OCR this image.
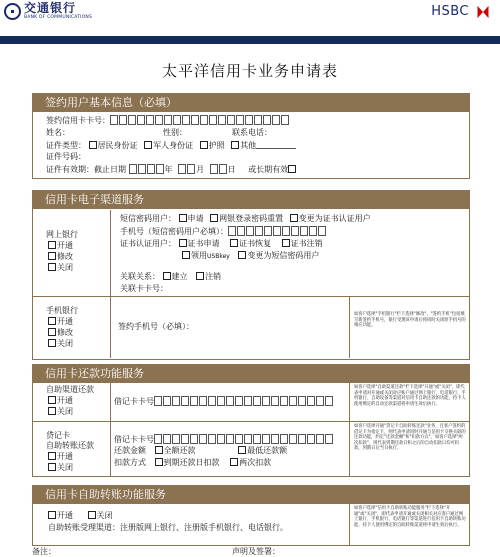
交通银行
BANK OF COMMUNICATIONS	HSBC
太平洋信用卡业务申请表
签约用户基本信息（必填）
签约信用卡卡号：
姓名：	性别：	联系电话：
证件类型： 居民身份证 军人身份证 护照 其他
证件号码：
证件有效期：截止日期	年	月	日 或长期有效
信用卡电子渠道服务
网上银行
开通
修改
关闭
短信密码用户： 申请 网银登录密码重置 变更为证书认证用户
手机号（短信密码用户必填）：
证书认证用户： 证书申请 证书恢复 证书注销
领用USBkey 变更为短信密码用户
关联关系： 建立 注销
关联卡卡号：
手机银行
开通
修改
关闭
签约手机号（必填）：
如客户选择"手机银行"栏下选择"修改"，"签约手机"包括填写新签约手机号，银行受理该申请后将同时关闭原手机号的相应功能。
信用卡还款功能服务
自助渠道还款
开通
关闭
借记卡卡号
如客户选择"自助渠道还款"栏下选择"开通"或"关闭"，即代表申请对开通或关闭对应账户通过网上银行、电话银行、手机银行、自助设备等渠道对信用卡自助还款的功能，持卡人使用绑定的自动还款渠道将申请生效后执行。
贷记卡
自助转账还款
开通
关闭
借记卡卡号
还款金额 全额还款	最低还款额
扣款方式 到期还款日扣款 两次扣款
如客户选择开通"贷记卡自助转账还款"业务，且客户签约的借记卡为指定卡，则代表申请同时开通与信用卡交换关联的还款功能，约定"还款金额"和"扣款方式"，如客户选择"两次扣款"，则代表到期还款日和之后的自动扣款日均可扣款，到期日后当日执行。
信用卡自助转账功能服务
开通	关闭
自助转账受理渠道：注册版网上银行、注册版手机银行、电话银行。
如客户选择"信用卡自助转账功能服务"栏下选择"开通"或"关闭"，即代表申请开通或关闭相关对应客户通过网上银行、手机银行、电话银行等渠道进行信用卡自助转账功能，持卡人使用绑定的自助转账渠道将申请生效后执行。
备注：	声明及签署：
